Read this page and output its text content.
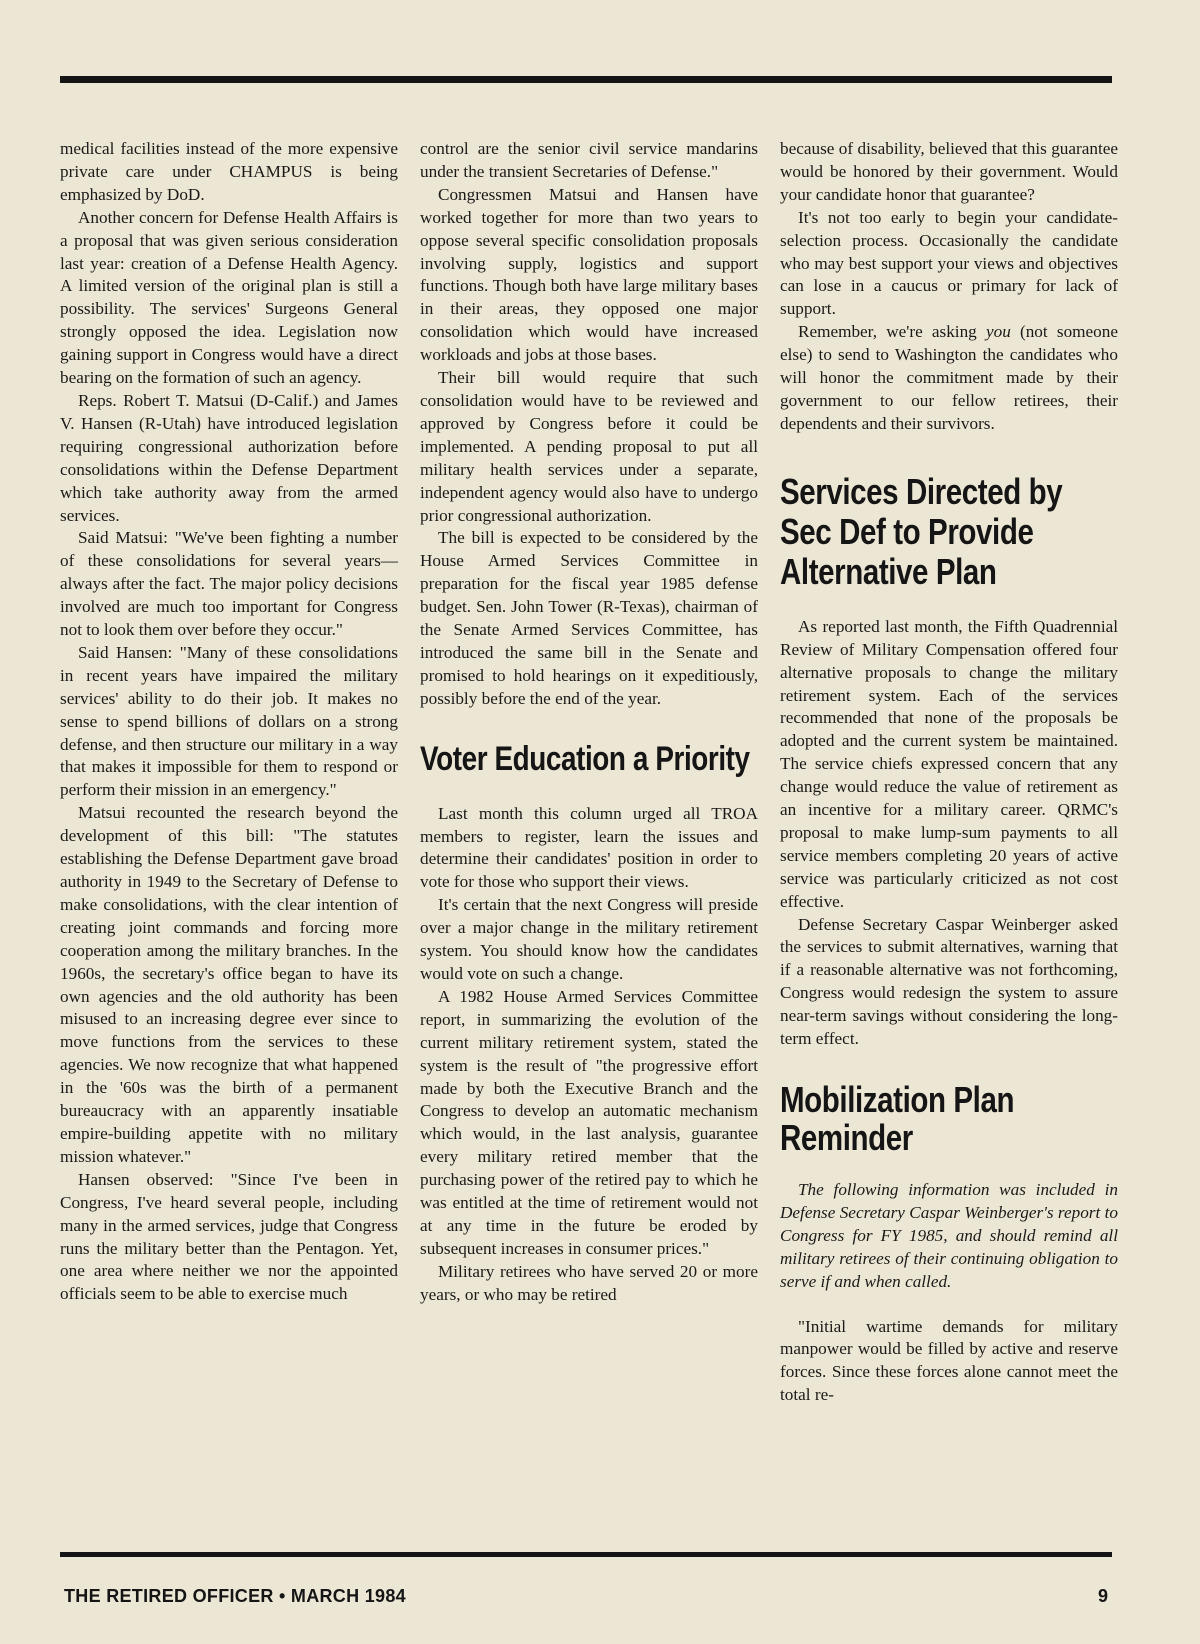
medical facilities instead of the more expensive private care under CHAMPUS is being emphasized by DoD.

Another concern for Defense Health Affairs is a proposal that was given serious consideration last year: creation of a Defense Health Agency. A limited version of the original plan is still a possibility. The services' Surgeons General strongly opposed the idea. Legislation now gaining support in Congress would have a direct bearing on the formation of such an agency.

Reps. Robert T. Matsui (D-Calif.) and James V. Hansen (R-Utah) have introduced legislation requiring congressional authorization before consolidations within the Defense Department which take authority away from the armed services.

Said Matsui: "We've been fighting a number of these consolidations for several years—always after the fact. The major policy decisions involved are much too important for Congress not to look them over before they occur."

Said Hansen: "Many of these consolidations in recent years have impaired the military services' ability to do their job. It makes no sense to spend billions of dollars on a strong defense, and then structure our military in a way that makes it impossible for them to respond or perform their mission in an emergency."

Matsui recounted the research beyond the development of this bill: "The statutes establishing the Defense Department gave broad authority in 1949 to the Secretary of Defense to make consolidations, with the clear intention of creating joint commands and forcing more cooperation among the military branches. In the 1960s, the secretary's office began to have its own agencies and the old authority has been misused to an increasing degree ever since to move functions from the services to these agencies. We now recognize that what happened in the '60s was the birth of a permanent bureaucracy with an apparently insatiable empire-building appetite with no military mission whatever."

Hansen observed: "Since I've been in Congress, I've heard several people, including many in the armed services, judge that Congress runs the military better than the Pentagon. Yet, one area where neither we nor the appointed officials seem to be able to exercise much

control are the senior civil service mandarins under the transient Secretaries of Defense."

Congressmen Matsui and Hansen have worked together for more than two years to oppose several specific consolidation proposals involving supply, logistics and support functions. Though both have large military bases in their areas, they opposed one major consolidation which would have increased workloads and jobs at those bases.

Their bill would require that such consolidation would have to be reviewed and approved by Congress before it could be implemented. A pending proposal to put all military health services under a separate, independent agency would also have to undergo prior congressional authorization.

The bill is expected to be considered by the House Armed Services Committee in preparation for the fiscal year 1985 defense budget. Sen. John Tower (R-Texas), chairman of the Senate Armed Services Committee, has introduced the same bill in the Senate and promised to hold hearings on it expeditiously, possibly before the end of the year.

Voter Education a Priority

Last month this column urged all TROA members to register, learn the issues and determine their candidates' position in order to vote for those who support their views.

It's certain that the next Congress will preside over a major change in the military retirement system. You should know how the candidates would vote on such a change.

A 1982 House Armed Services Committee report, in summarizing the evolution of the current military retirement system, stated the system is the result of "the progressive effort made by both the Executive Branch and the Congress to develop an automatic mechanism which would, in the last analysis, guarantee every military retired member that the purchasing power of the retired pay to which he was entitled at the time of retirement would not at any time in the future be eroded by subsequent increases in consumer prices."

Military retirees who have served 20 or more years, or who may be retired

because of disability, believed that this guarantee would be honored by their government. Would your candidate honor that guarantee?

It's not too early to begin your candidate-selection process. Occasionally the candidate who may best support your views and objectives can lose in a caucus or primary for lack of support.

Remember, we're asking you (not someone else) to send to Washington the candidates who will honor the commitment made by their government to our fellow retirees, their dependents and their survivors.

Services Directed by Sec Def to Provide Alternative Plan

As reported last month, the Fifth Quadrennial Review of Military Compensation offered four alternative proposals to change the military retirement system. Each of the services recommended that none of the proposals be adopted and the current system be maintained. The service chiefs expressed concern that any change would reduce the value of retirement as an incentive for a military career. QRMC's proposal to make lump-sum payments to all service members completing 20 years of active service was particularly criticized as not cost effective.

Defense Secretary Caspar Weinberger asked the services to submit alternatives, warning that if a reasonable alternative was not forthcoming, Congress would redesign the system to assure near-term savings without considering the long-term effect.

Mobilization Plan Reminder

The following information was included in Defense Secretary Caspar Weinberger's report to Congress for FY 1985, and should remind all military retirees of their continuing obligation to serve if and when called.

"Initial wartime demands for military manpower would be filled by active and reserve forces. Since these forces alone cannot meet the total re-

THE RETIRED OFFICER • MARCH 1984	9
